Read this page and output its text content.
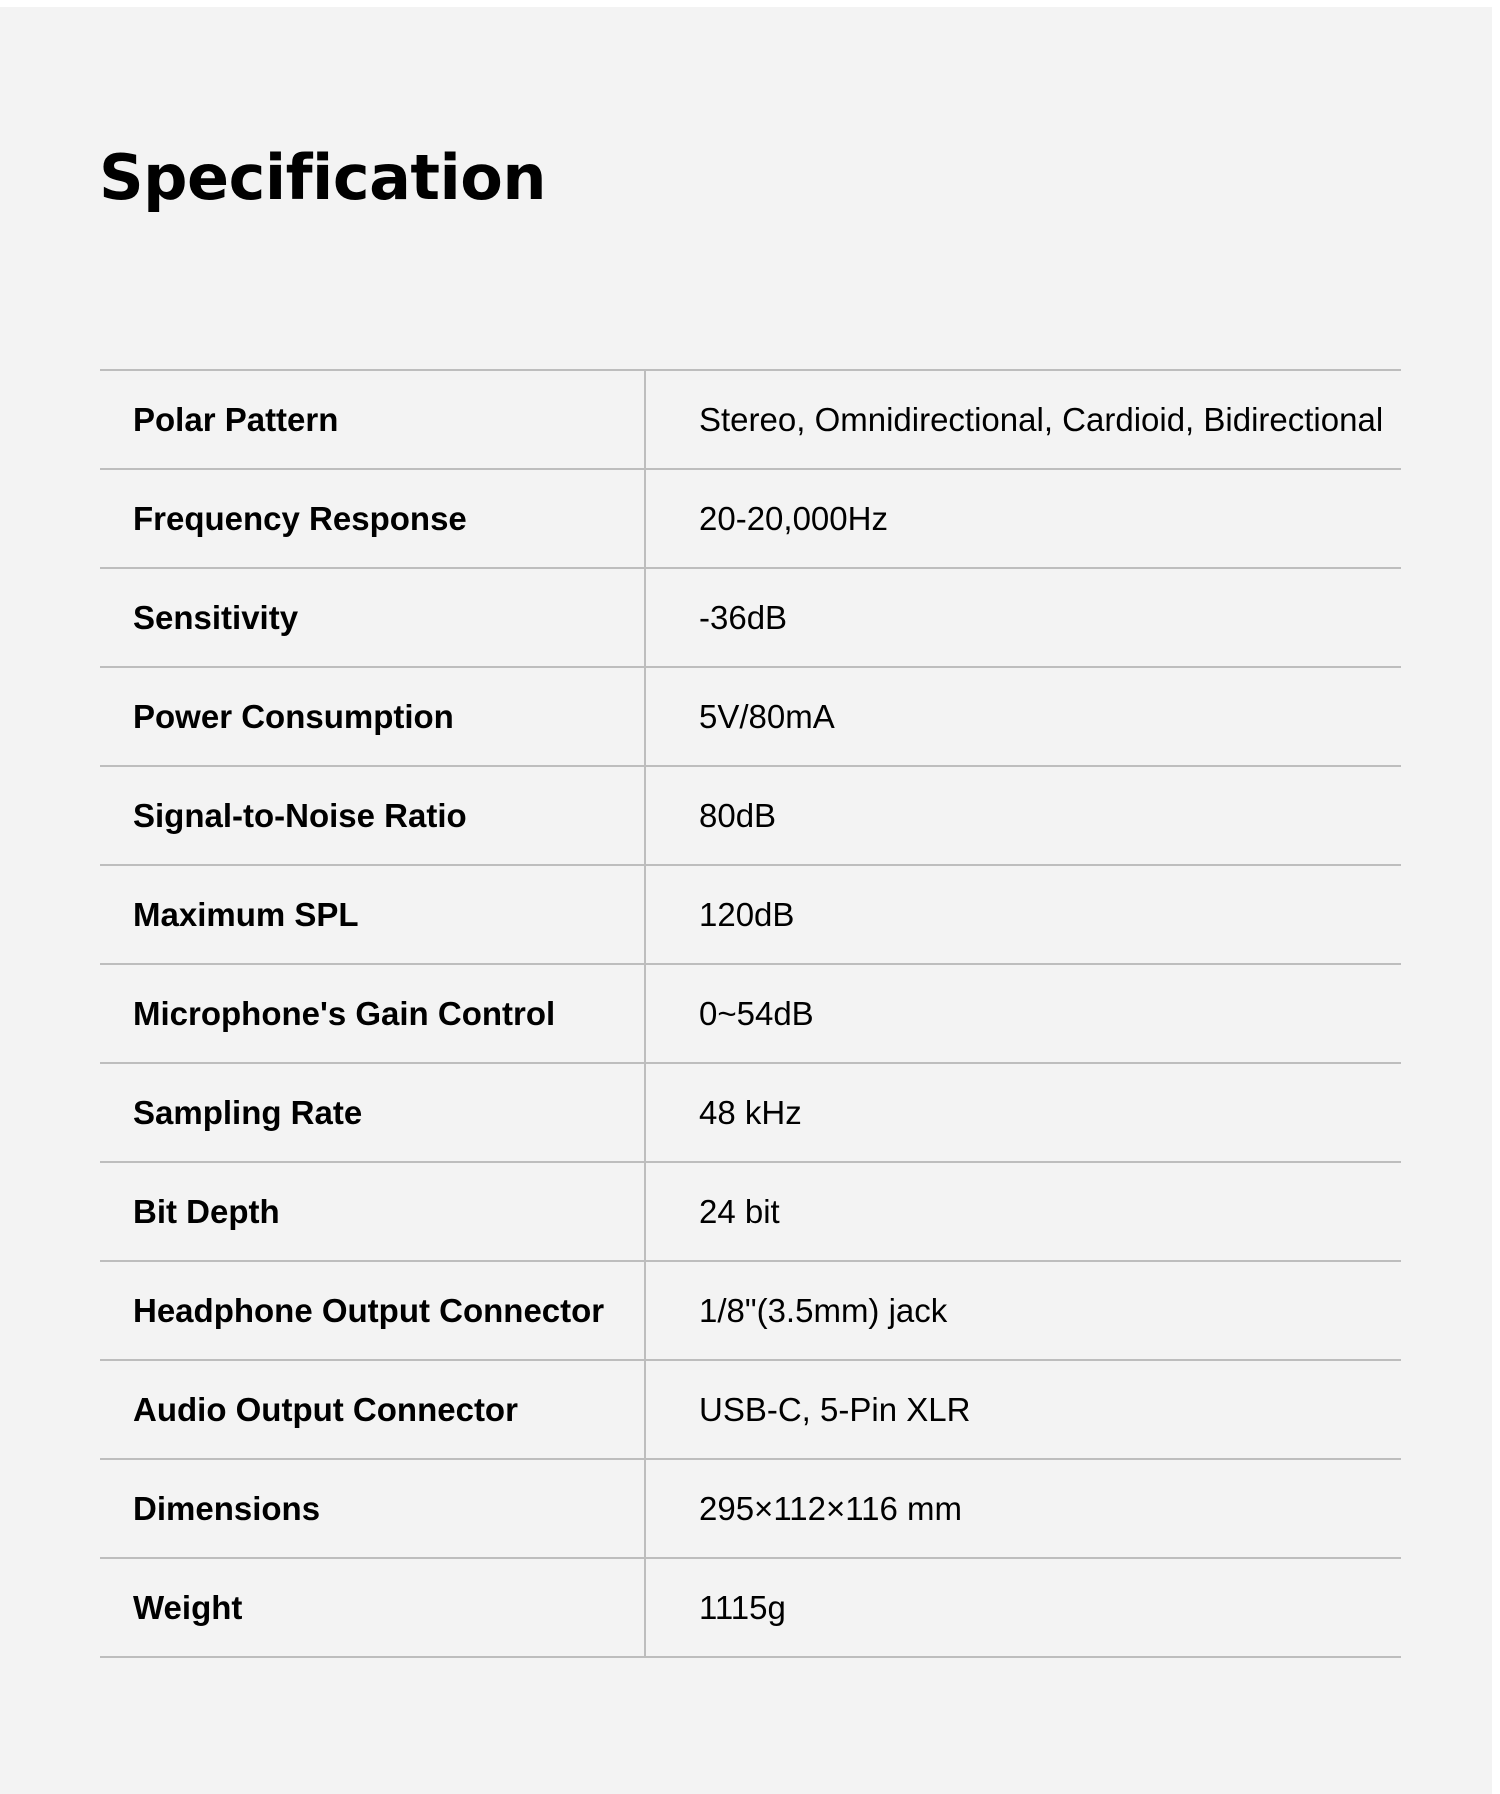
Specification
Polar Pattern	Stereo, Omnidirectional, Cardioid, Bidirectional
Frequency Response	20-20,000Hz
Sensitivity	-36dB
Power Consumption	5V/80mA
Signal-to-Noise Ratio	80dB
Maximum SPL	120dB
Microphone's Gain Control	0~54dB
Sampling Rate	48 kHz
Bit Depth	24 bit
Headphone Output Connector	1/8"(3.5mm) jack
Audio Output Connector	USB-C, 5-Pin XLR
Dimensions	295×112×116 mm
Weight	1115g
